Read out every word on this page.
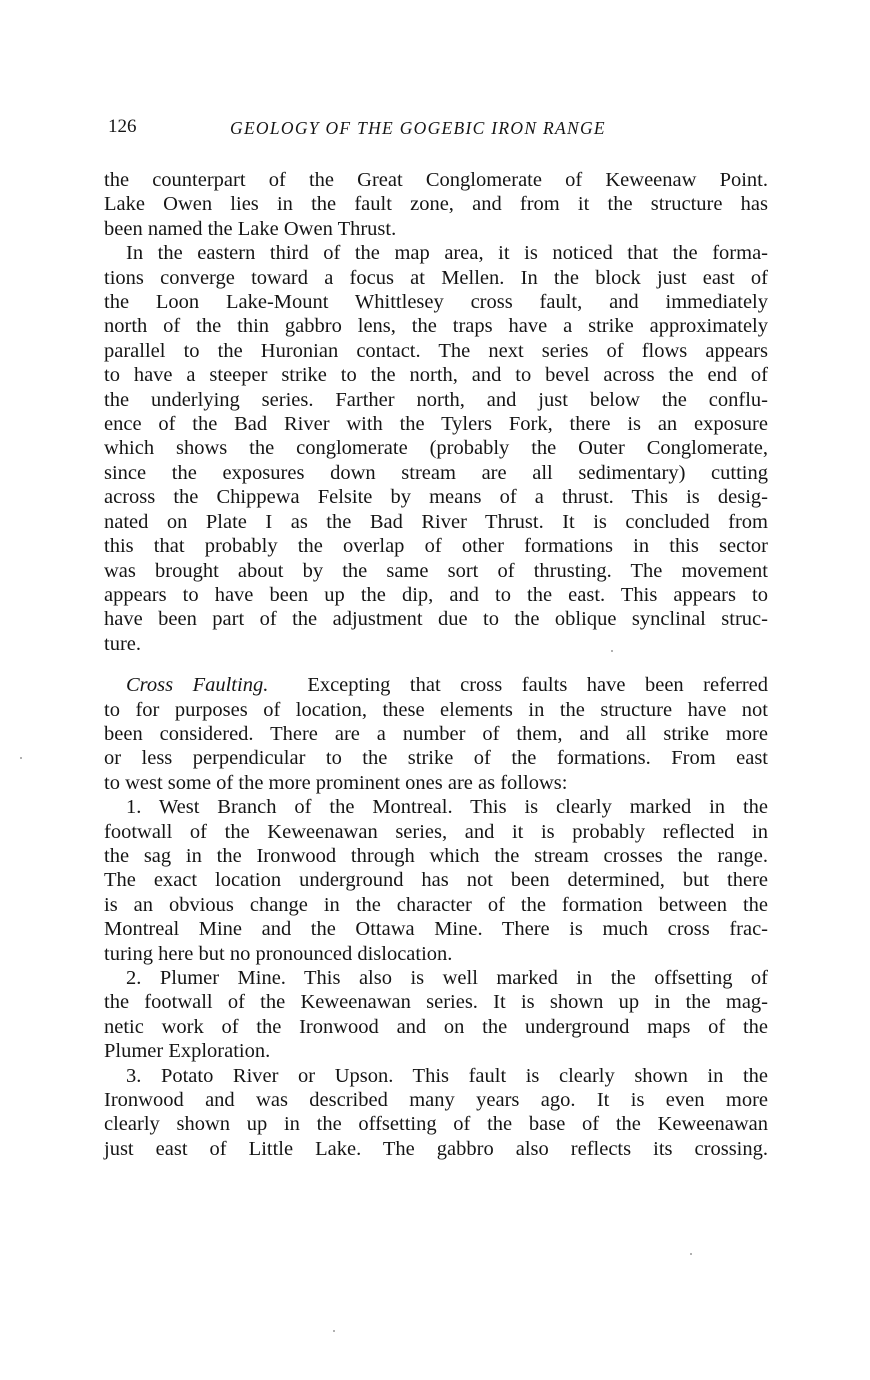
126	GEOLOGY OF THE GOGEBIC IRON RANGE
the counterpart of the Great Conglomerate of Keweenaw Point.
Lake Owen lies in the fault zone, and from it the structure has
been named the Lake Owen Thrust.
In the eastern third of the map area, it is noticed that the forma-
tions converge toward a focus at Mellen. In the block just east of
the Loon Lake-Mount Whittlesey cross fault, and immediately
north of the thin gabbro lens, the traps have a strike approximately
parallel to the Huronian contact. The next series of flows appears
to have a steeper strike to the north, and to bevel across the end of
the underlying series. Farther north, and just below the conflu-
ence of the Bad River with the Tylers Fork, there is an exposure
which shows the conglomerate (probably the Outer Conglomerate,
since the exposures down stream are all sedimentary) cutting
across the Chippewa Felsite by means of a thrust. This is desig-
nated on Plate I as the Bad River Thrust. It is concluded from
this that probably the overlap of other formations in this sector
was brought about by the same sort of thrusting. The movement
appears to have been up the dip, and to the east. This appears to
have been part of the adjustment due to the oblique synclinal struc-
ture.
Cross Faulting. Excepting that cross faults have been referred
to for purposes of location, these elements in the structure have not
been considered. There are a number of them, and all strike more
or less perpendicular to the strike of the formations. From east
to west some of the more prominent ones are as follows:
1. West Branch of the Montreal. This is clearly marked in the
footwall of the Keweenawan series, and it is probably reflected in
the sag in the Ironwood through which the stream crosses the range.
The exact location underground has not been determined, but there
is an obvious change in the character of the formation between the
Montreal Mine and the Ottawa Mine. There is much cross frac-
turing here but no pronounced dislocation.
2. Plumer Mine. This also is well marked in the offsetting of
the footwall of the Keweenawan series. It is shown up in the mag-
netic work of the Ironwood and on the underground maps of the
Plumer Exploration.
3. Potato River or Upson. This fault is clearly shown in the
Ironwood and was described many years ago. It is even more
clearly shown up in the offsetting of the base of the Keweenawan
just east of Little Lake. The gabbro also reflects its crossing.
